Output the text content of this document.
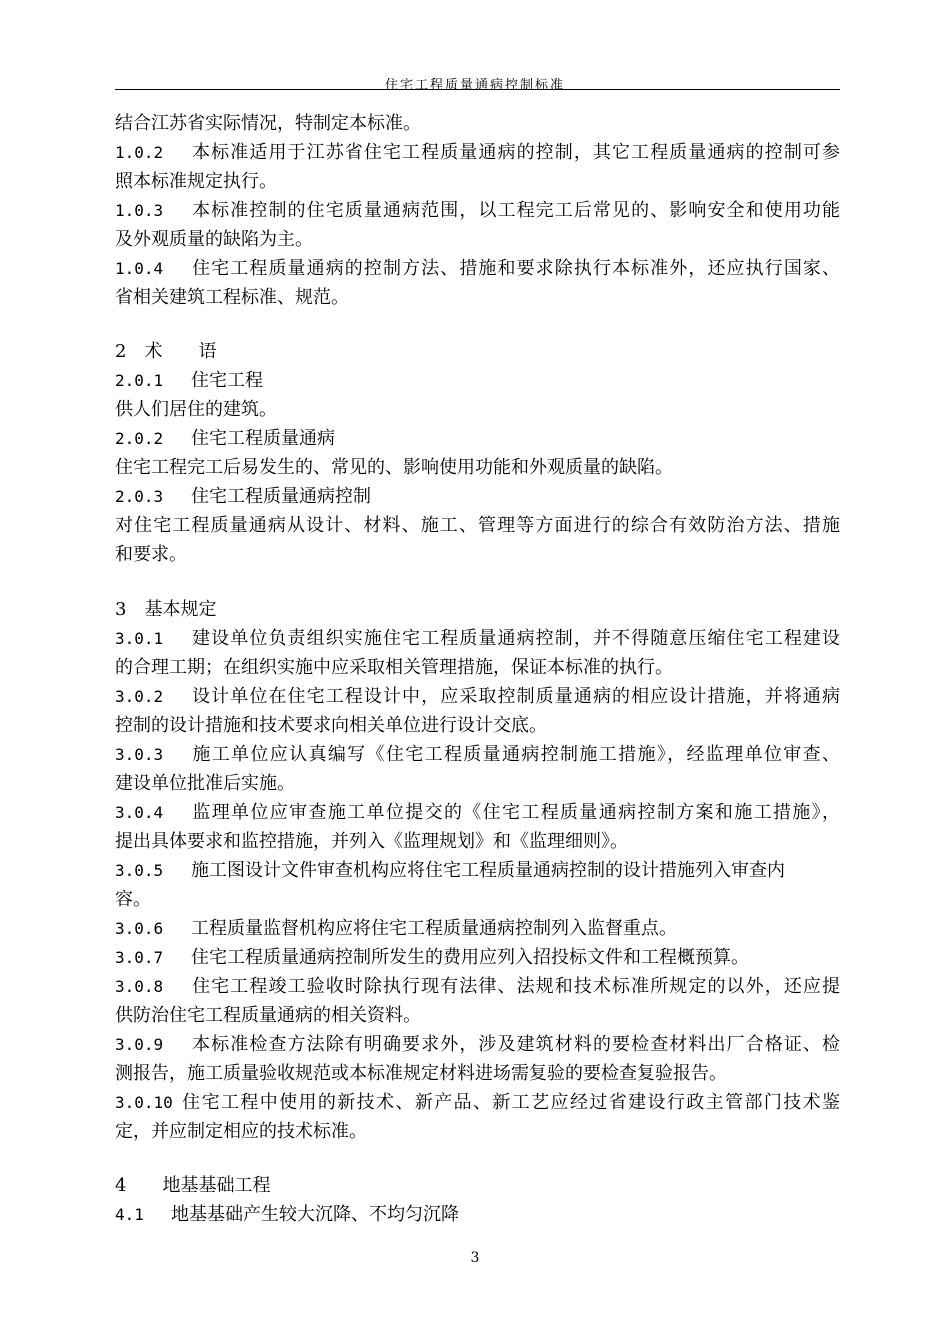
住宅工程质量通病控制标准
结合江苏省实际情况，特制定本标准。
1.0.2 本标准适用于江苏省住宅工程质量通病的控制，其它工程质量通病的控制可参
照本标准规定执行。
1.0.3 本标准控制的住宅质量通病范围，以工程完工后常见的、影响安全和使用功能
及外观质量的缺陷为主。
1.0.4 住宅工程质量通病的控制方法、措施和要求除执行本标准外，还应执行国家、
省相关建筑工程标准、规范。
2　术　　语
2.0.1 住宅工程
供人们居住的建筑。
2.0.2 住宅工程质量通病
住宅工程完工后易发生的、常见的、影响使用功能和外观质量的缺陷。
2.0.3 住宅工程质量通病控制
对住宅工程质量通病从设计、材料、施工、管理等方面进行的综合有效防治方法、措施
和要求。
3　基本规定
3.0.1 建设单位负责组织实施住宅工程质量通病控制，并不得随意压缩住宅工程建设
的合理工期；在组织实施中应采取相关管理措施，保证本标准的执行。
3.0.2 设计单位在住宅工程设计中，应采取控制质量通病的相应设计措施，并将通病
控制的设计措施和技术要求向相关单位进行设计交底。
3.0.3 施工单位应认真编写《住宅工程质量通病控制施工措施》，经监理单位审查、
建设单位批准后实施。
3.0.4 监理单位应审查施工单位提交的《住宅工程质量通病控制方案和施工措施》，
提出具体要求和监控措施，并列入《监理规划》和《监理细则》。
3.0.5 施工图设计文件审查机构应将住宅工程质量通病控制的设计措施列入审查内
容。
3.0.6 工程质量监督机构应将住宅工程质量通病控制列入监督重点。
3.0.7 住宅工程质量通病控制所发生的费用应列入招投标文件和工程概预算。
3.0.8 住宅工程竣工验收时除执行现有法律、法规和技术标准所规定的以外，还应提
供防治住宅工程质量通病的相关资料。
3.0.9 本标准检查方法除有明确要求外，涉及建筑材料的要检查材料出厂合格证、检
测报告，施工质量验收规范或本标准规定材料进场需复验的要检查复验报告。
3.0.10 住宅工程中使用的新技术、新产品、新工艺应经过省建设行政主管部门技术鉴
定，并应制定相应的技术标准。
4　　地基基础工程
4.1 地基基础产生较大沉降、不均匀沉降
3
